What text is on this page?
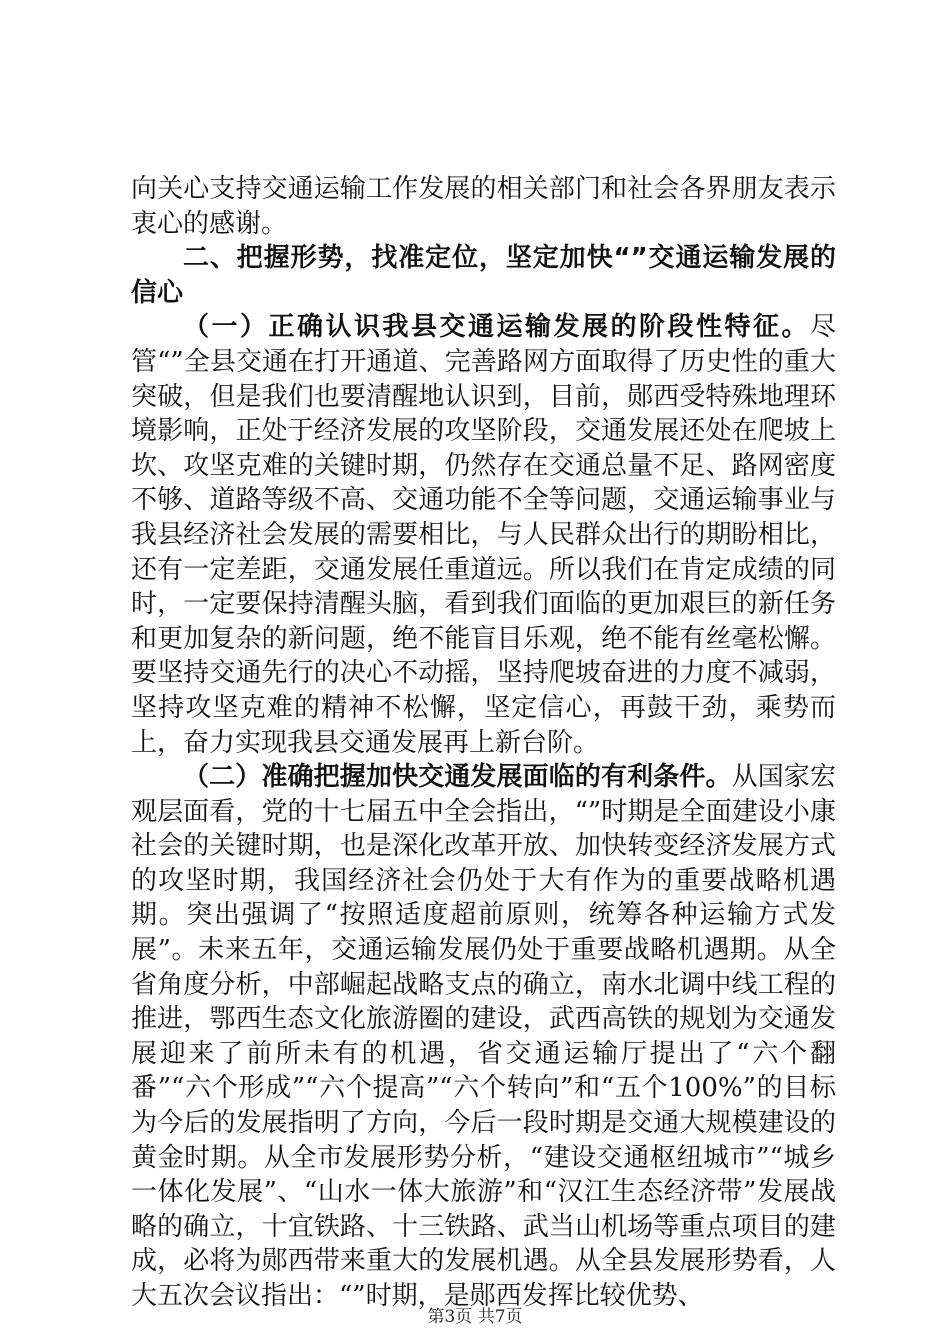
向关心支持交通运输工作发展的相关部门和社会各界朋友表示衷心的感谢。

二、把握形势，找准定位，坚定加快“”交通运输发展的信心

（一）正确认识我县交通运输发展的阶段性特征。尽管“”全县交通在打开通道、完善路网方面取得了历史性的重大突破，但是我们也要清醒地认识到，目前，郧西受特殊地理环境影响，正处于经济发展的攻坚阶段，交通发展还处在爬坡上坎、攻坚克难的关键时期，仍然存在交通总量不足、路网密度不够、道路等级不高、交通功能不全等问题，交通运输事业与我县经济社会发展的需要相比，与人民群众出行的期盼相比，还有一定差距，交通发展任重道远。所以我们在肯定成绩的同时，一定要保持清醒头脑，看到我们面临的更加艰巨的新任务和更加复杂的新问题，绝不能盲目乐观，绝不能有丝毫松懈。要坚持交通先行的决心不动摇，坚持爬坡奋进的力度不减弱，坚持攻坚克难的精神不松懈，坚定信心，再鼓干劲，乘势而上，奋力实现我县交通发展再上新台阶。

（二）准确把握加快交通发展面临的有利条件。从国家宏观层面看，党的十七届五中全会指出，“”时期是全面建设小康社会的关键时期，也是深化改革开放、加快转变经济发展方式的攻坚时期，我国经济社会仍处于大有作为的重要战略机遇期。突出强调了“按照适度超前原则，统筹各种运输方式发展”。未来五年，交通运输发展仍处于重要战略机遇期。从全省角度分析，中部崛起战略支点的确立，南水北调中线工程的推进，鄂西生态文化旅游圈的建设，武西高铁的规划为交通发展迎来了前所未有的机遇，省交通运输厅提出了“六个翻番”“六个形成”“六个提高”“六个转向”和“五个100%”的目标为今后的发展指明了方向，今后一段时期是交通大规模建设的黄金时期。从全市发展形势分析，“建设交通枢纽城市”“城乡一体化发展”、“山水一体大旅游”和“汉江生态经济带”发展战略的确立，十宜铁路、十三铁路、武当山机场等重点项目的建成，必将为郧西带来重大的发展机遇。从全县发展形势看，人大五次会议指出：“”时期，是郧西发挥比较优势、

第3页 共7页
